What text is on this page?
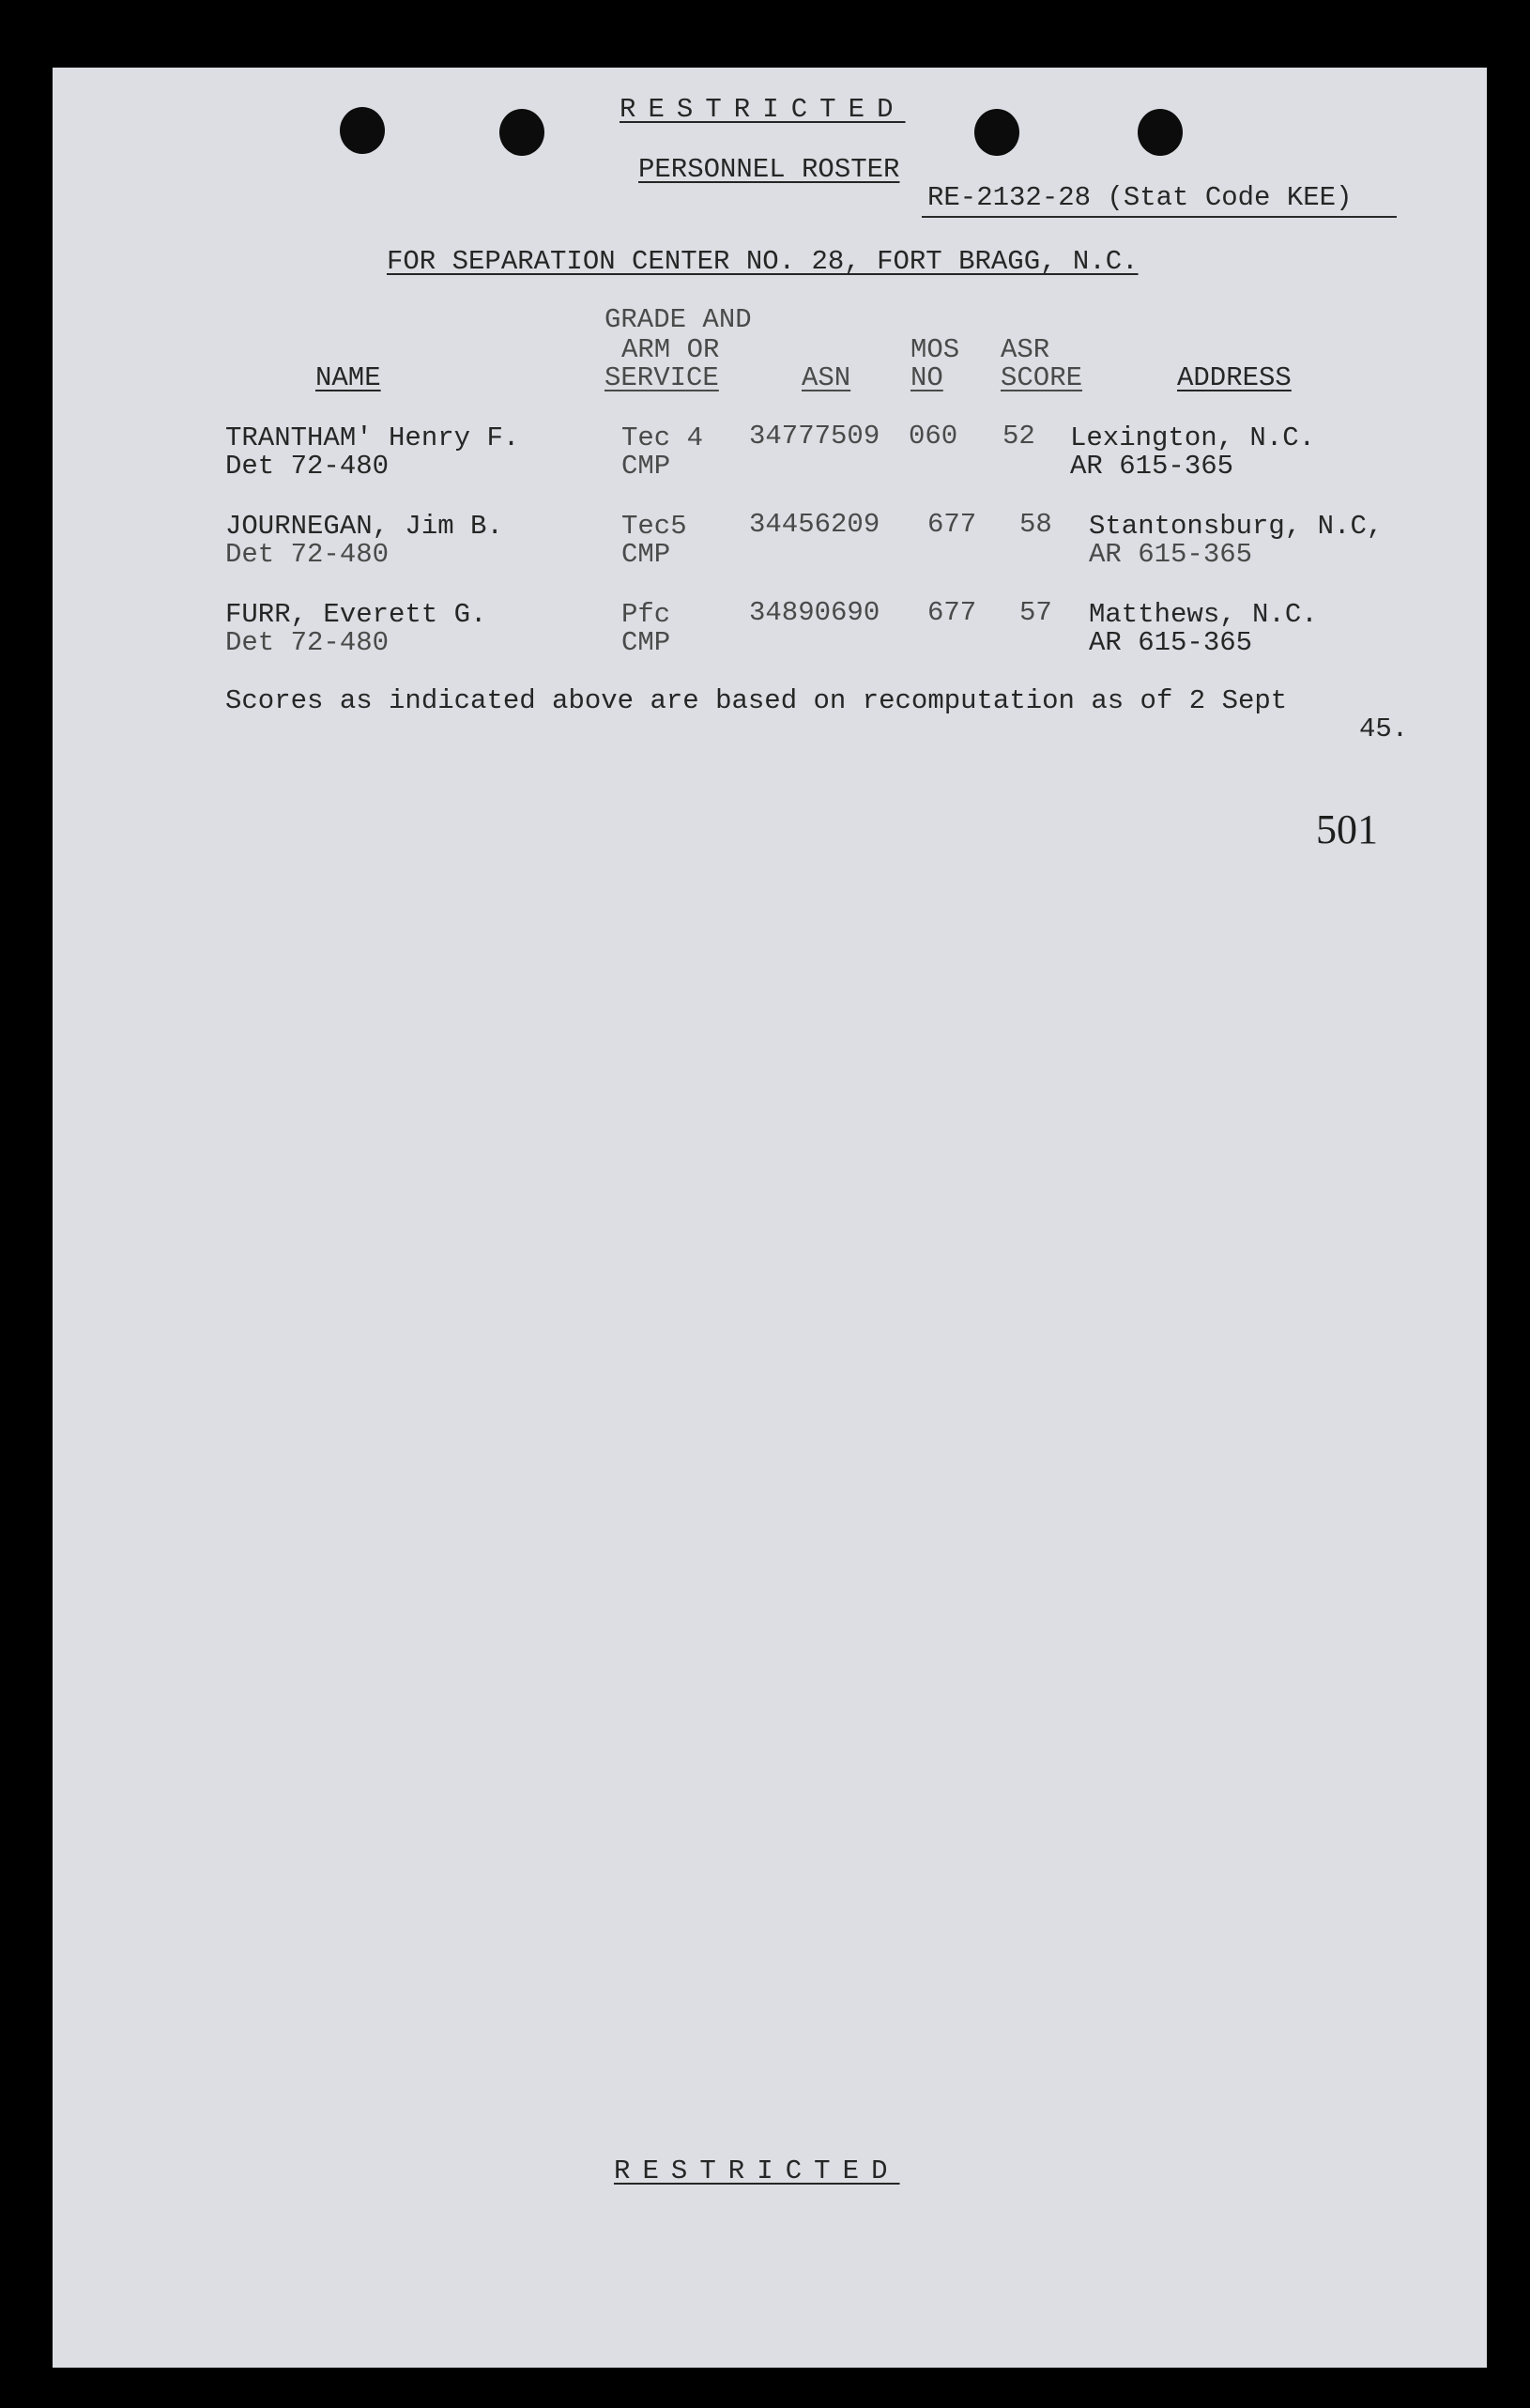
RESTRICTED
PERSONNEL ROSTER
RE-2132-28 (Stat Code KEE)
FOR SEPARATION CENTER NO. 28, FORT BRAGG, N.C.
GRADE AND
ARM OR
SERVICE
NAME	ASN
MOS
NO
ASR
SCORE	ADDRESS
TRANTHAM' Henry F.
Det 72-480
Tec 4
CMP
34777509 060 52 Lexington, N.C.
AR 615-365
JOURNEGAN, Jim B.
Det 72-480
Tec5
CMP
34456209 677 58 Stantonsburg, N.C,
AR 615-365
FURR, Everett G.
Det 72-480
Pfc
CMP
34890690 677 57 Matthews, N.C.
AR 615-365
Scores as indicated above are based on recomputation as of 2 Sept
45.
501
RESTRICTED
